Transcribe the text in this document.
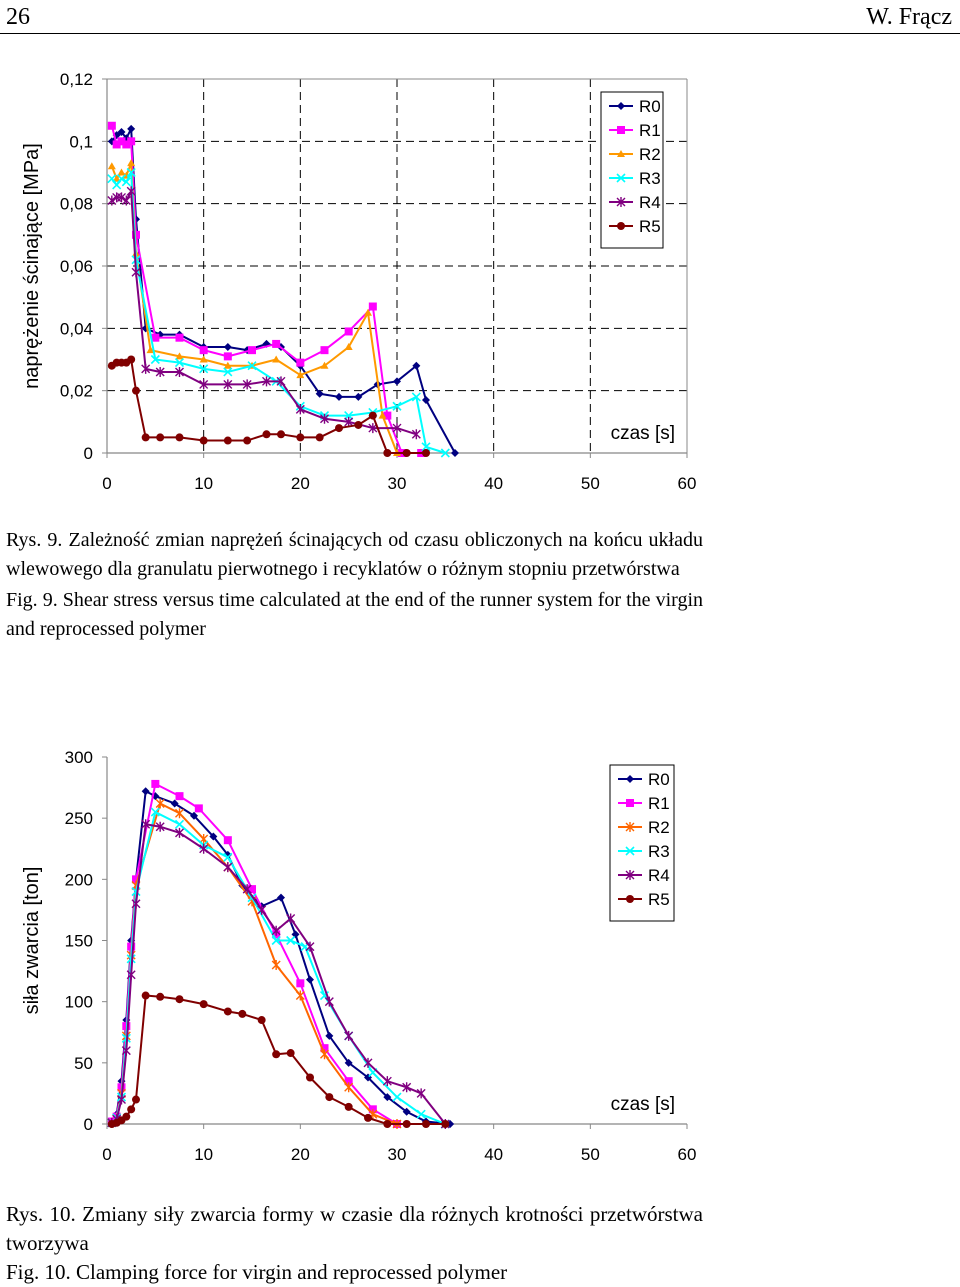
26	W. Frącz
0
0,02
0,04
0,06
0,08
0,1
0,12
0	10	20	30	40	50	60
czas [s]
naprężenie ścinające [MPa]
R0
R1
R2
R3
R4
R5

Rys. 9. Zależność zmian naprężeń ścinających od czasu obliczonych na końcu układu wlewowego dla granulatu pierwotnego i recyklatów o różnym stopniu przetwórstwa

Fig. 9. Shear stress versus time calculated at the end of the runner system for the virgin and reprocessed polymer

0
50
100
150
200
250
300
0	10	20	30	40	50	60
czas [s]
siła zwarcia [ton]
R0
R1
R2
R3
R4
R5

Rys. 10. Zmiany siły zwarcia formy w czasie dla różnych krotności przetwórstwa tworzywa

Fig. 10. Clamping force for virgin and reprocessed polymer
